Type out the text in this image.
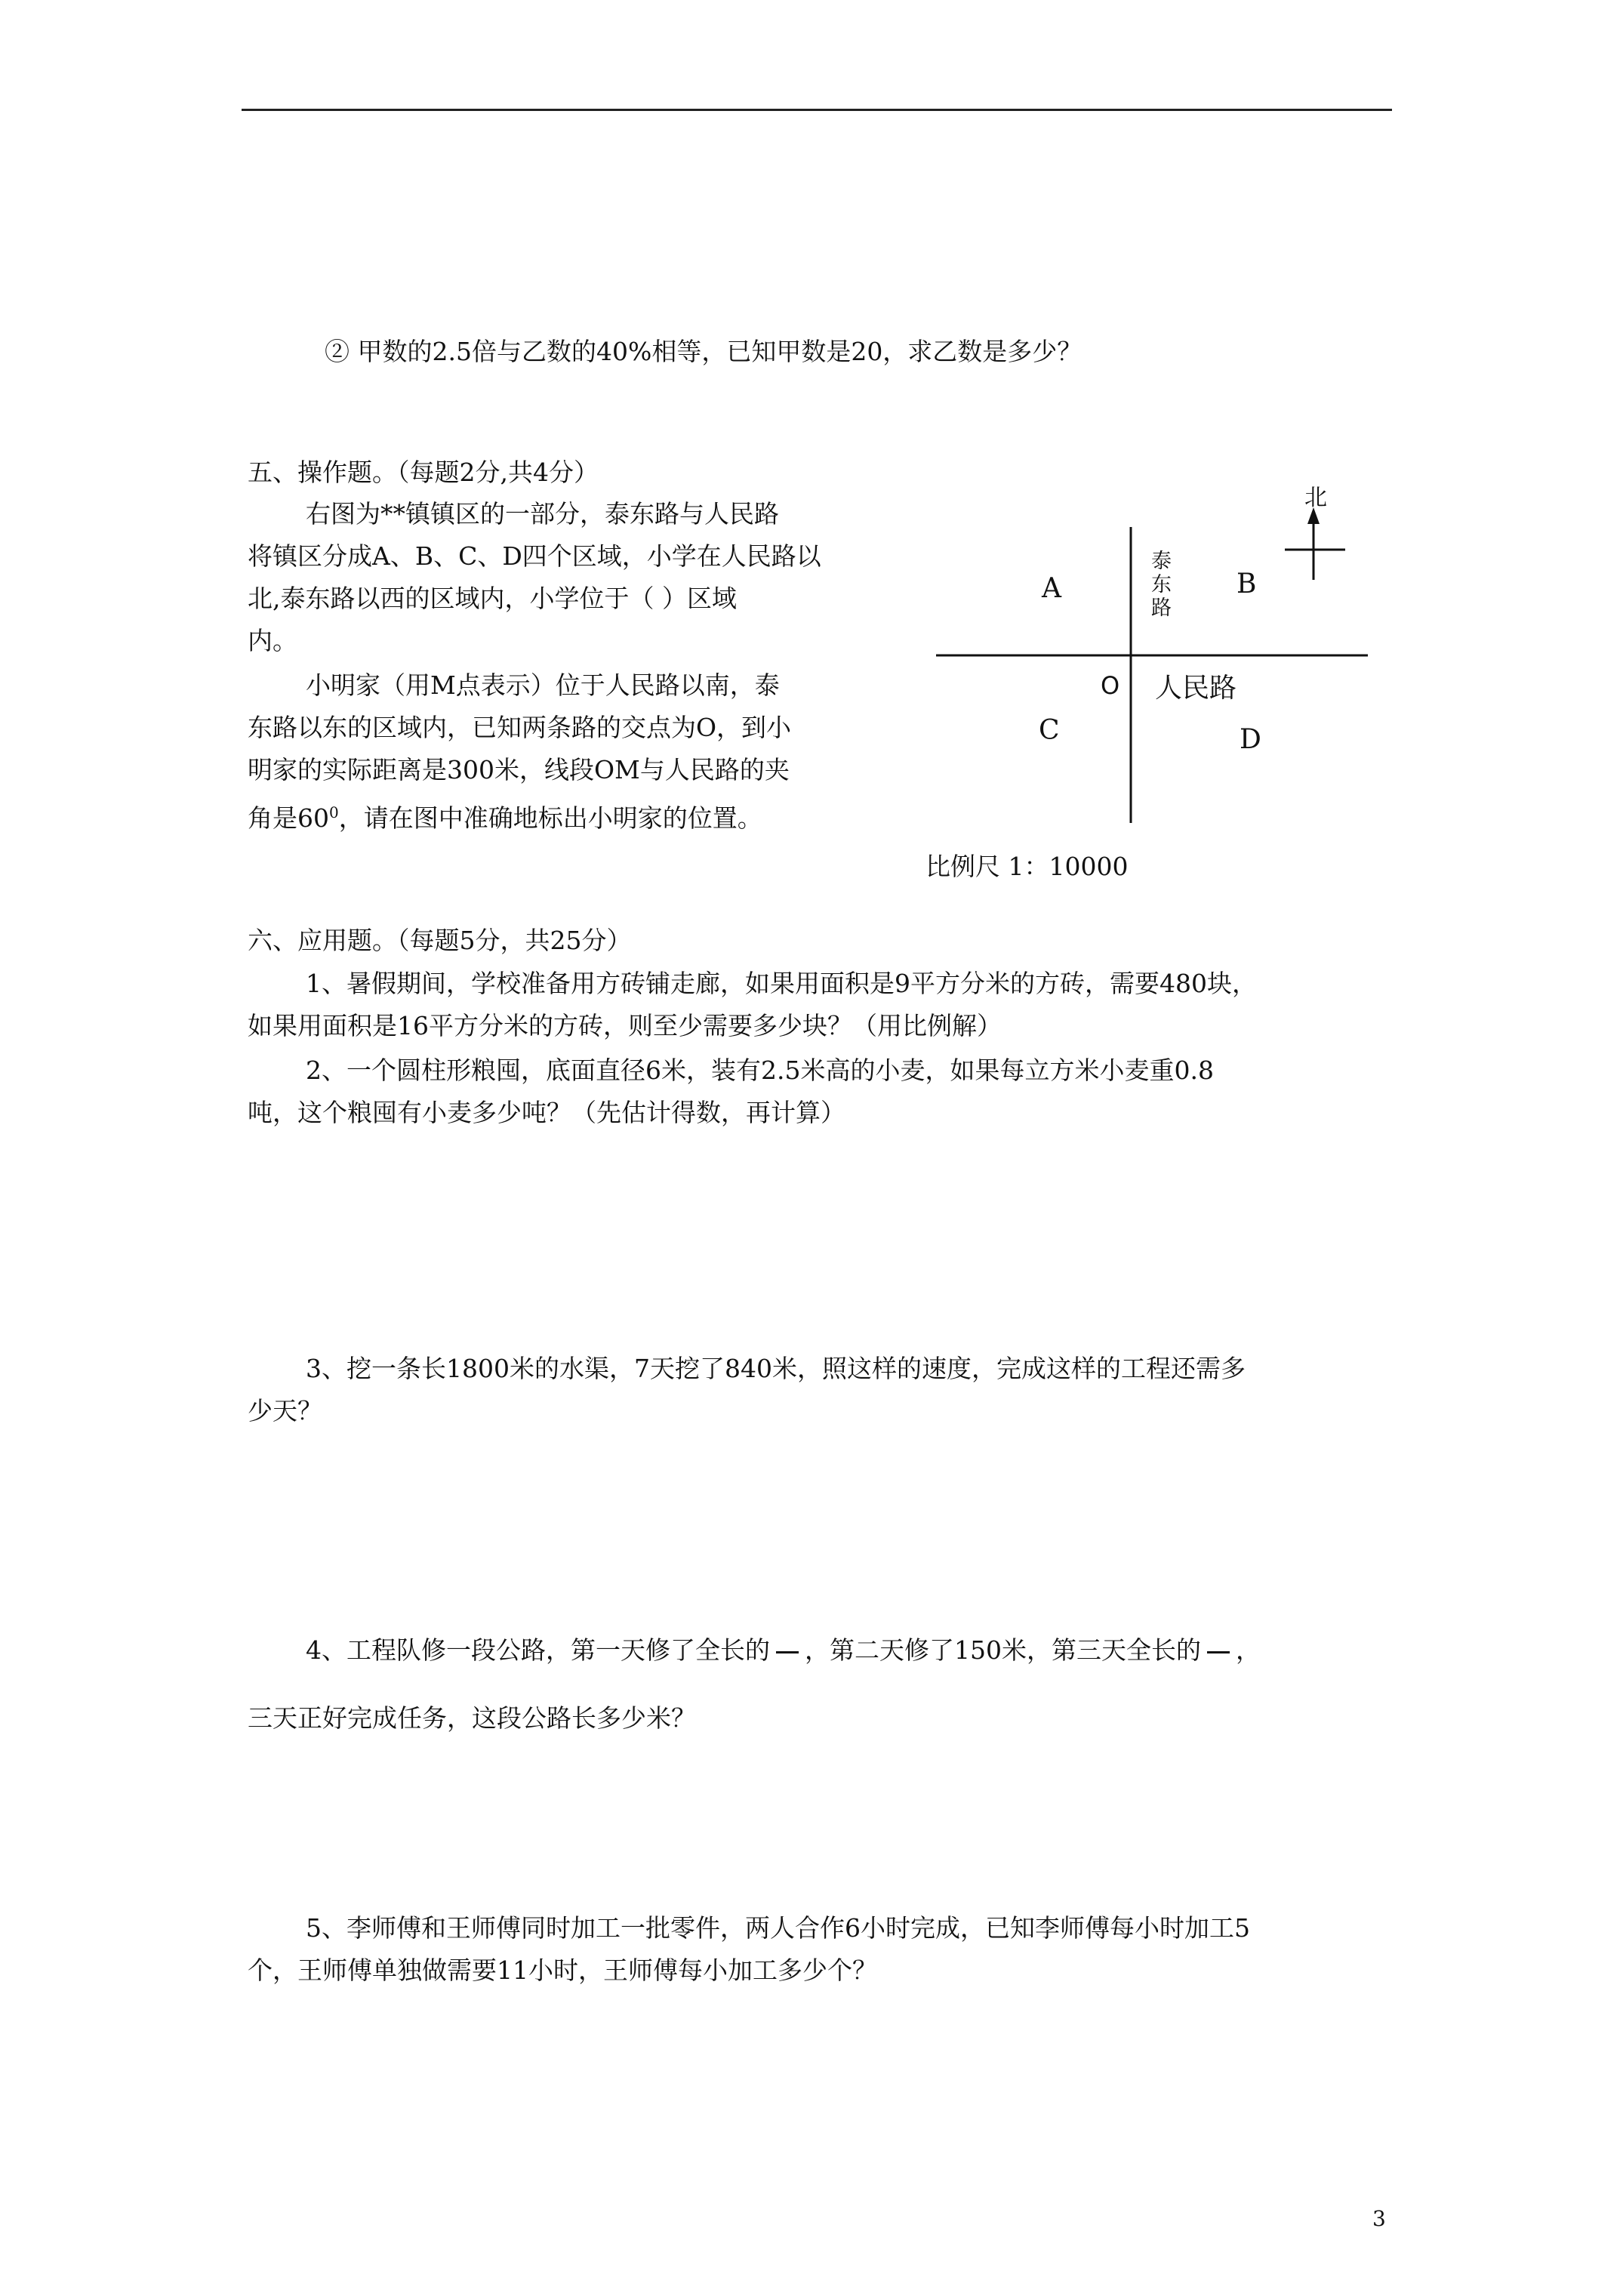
② 甲数的2.5倍与乙数的40%相等，已知甲数是20，求乙数是多少？
五、操作题。（每题2分,共4分）
右图为**镇镇区的一部分，泰东路与人民路
将镇区分成A、B、C、D四个区域，小学在人民路以
北,泰东路以西的区域内，小学位于（ ）区域
内。
小明家（用M点表示）位于人民路以南，泰
东路以东的区域内，已知两条路的交点为O，到小
明家的实际距离是300米，线段OM与人民路的夹
角是$60^0$，请在图中准确地标出小明家的位置。
北
泰
东
路
A	B
O 人民路
C	D
比例尺 1：10000
六、应用题。（每题5分，共25分）
1、暑假期间，学校准备用方砖铺走廊，如果用面积是9平方分米的方砖，需要480块，
如果用面积是16平方分米的方砖，则至少需要多少块？（用比例解）
2、一个圆柱形粮囤，底面直径6米，装有2.5米高的小麦，如果每立方米小麦重0.8
吨，这个粮囤有小麦多少吨？（先估计得数，再计算）
3、挖一条长1800米的水渠，7天挖了840米，照这样的速度，完成这样的工程还需多
少天？
4、工程队修一段公路，第一天修了全长的 ，第二天修了150米，第三天全长的 ，
三天正好完成任务，这段公路长多少米？
5、李师傅和王师傅同时加工一批零件，两人合作6小时完成，已知李师傅每小时加工5
个，王师傅单独做需要11小时，王师傅每小加工多少个？
3
